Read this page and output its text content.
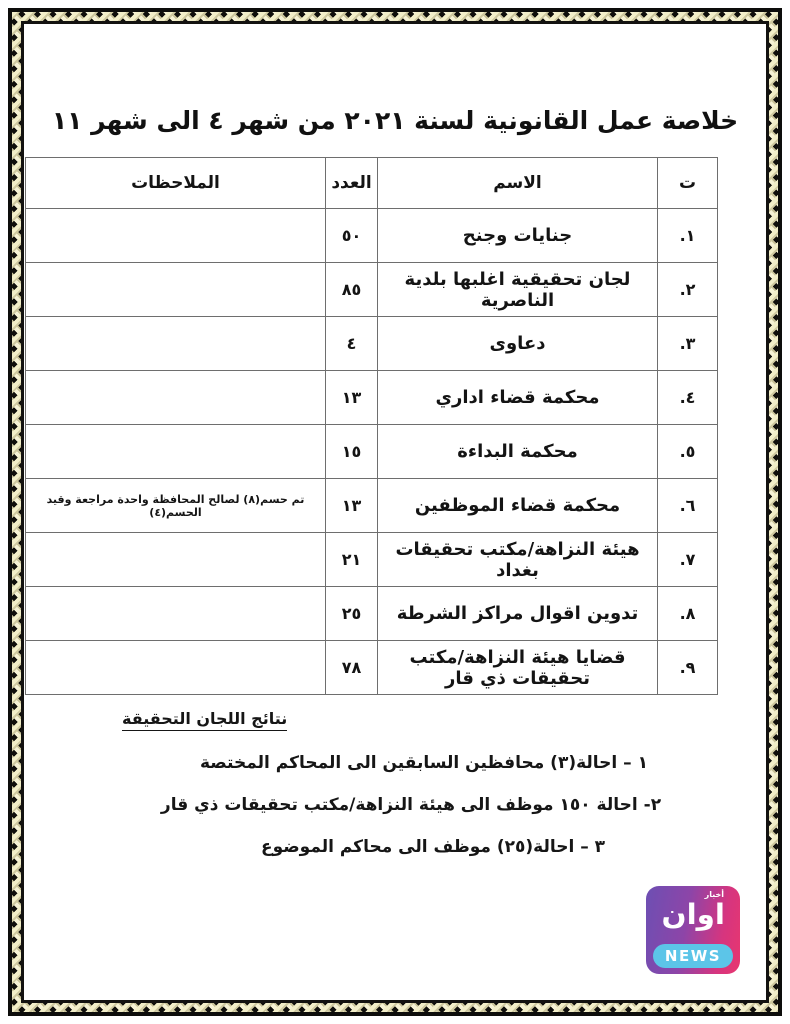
خلاصة عمل القانونية لسنة ٢٠٢١ من شهر ٤ الى شهر ١١
ت	الاسم	العدد	الملاحظات
١.	جنايات وجنح	٥٠	
٢.	لجان تحقيقية اغلبها بلدية الناصرية	٨٥	
٣.	دعاوى	٤	
٤.	محكمة قضاء اداري	١٣	
٥.	محكمة البداءة	١٥	
٦.	محكمة قضاء الموظفين	١٣	تم حسم(٨) لصالح المحافظة واحدة مراجعة وقيد الحسم(٤)
٧.	هيئة النزاهة/مكتب تحقيقات بغداد	٢١	
٨.	تدوين اقوال مراكز الشرطة	٢٥	
٩.	قضايا هيئة النزاهة/مكتب تحقيقات ذي قار	٧٨	
نتائج اللجان التحقيقة
١ – احالة(٣) محافظين السابقين الى المحاكم المختصة
٢- احالة ١٥٠ موظف الى هيئة النزاهة/مكتب تحقيقات ذي قار
٣ – احالة(٢٥) موظف الى محاكم الموضوع
أخبار
اوان
NEWS
